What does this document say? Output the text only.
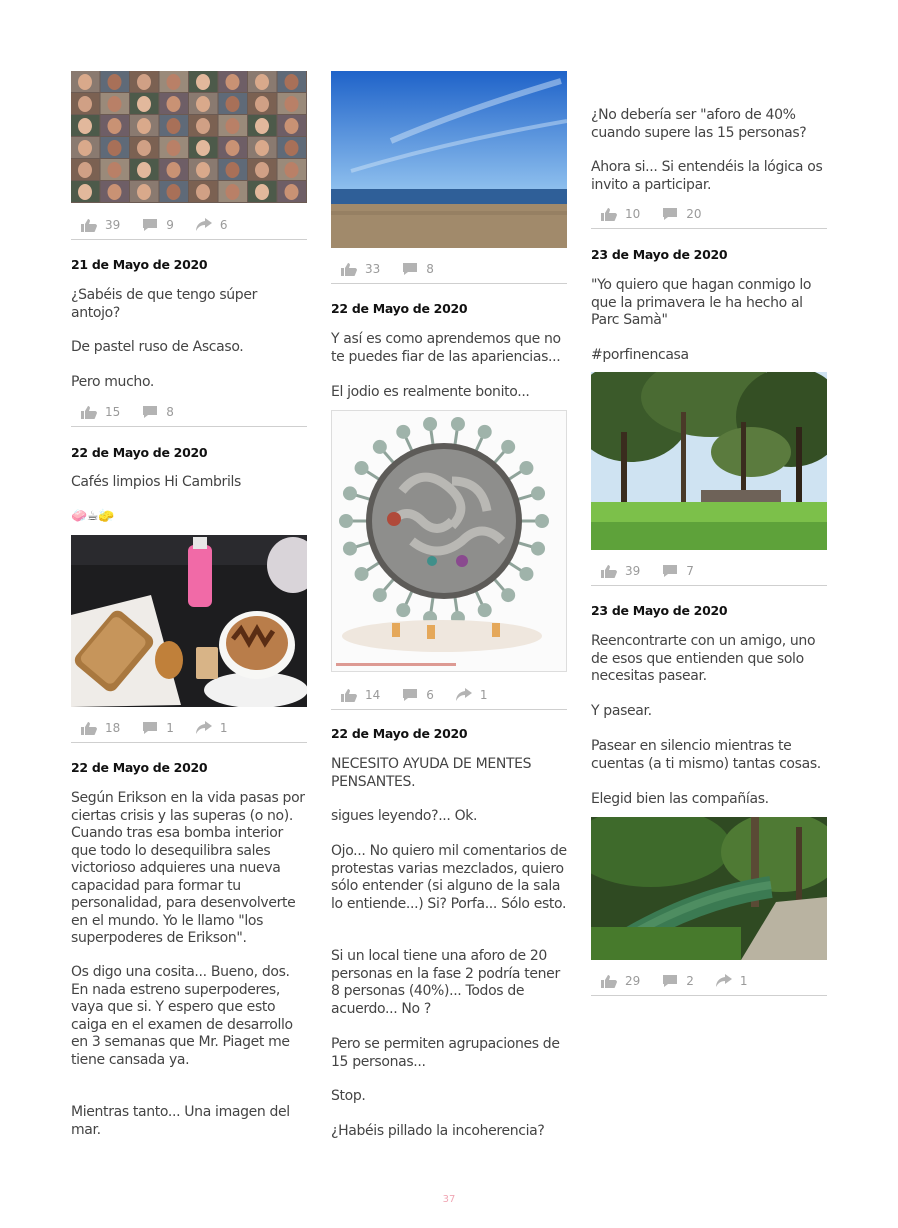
39	9	6
21 de Mayo de 2020

¿Sabéis de que tengo súper antojo?

De pastel ruso de Ascaso.

Pero mucho.

15	8
22 de Mayo de 2020

Cafés limpios Hi Cambrils

🧼☕🧽

18	1	1
22 de Mayo de 2020

Según Erikson en la vida pasas por ciertas crisis y las superas (o no). Cuando tras esa bomba interior que todo lo desequilibra sales victorioso adquieres una nueva capacidad para formar tu personalidad, para desenvolverte en el mundo. Yo le llamo "los superpoderes de Erikson".

Os digo una cosita... Bueno, dos. En nada estreno superpoderes, vaya que si. Y espero que esto caiga en el examen de desarrollo en 3 semanas que Mr. Piaget me tiene cansada ya.

Mientras tanto... Una imagen del mar.

33	8
22 de Mayo de 2020

Y así es como aprendemos que no te puedes fiar de las apariencias...

El jodio es realmente bonito...

14	6	1
22 de Mayo de 2020

NECESITO AYUDA DE MENTES PENSANTES.

sigues leyendo?... Ok.

Ojo... No quiero mil comentarios de protestas varias mezclados, quiero sólo entender (si alguno de la sala lo entiende...) Si? Porfa... Sólo esto.

Si un local tiene una aforo de 20 personas en la fase 2 podría tener 8 personas (40%)... Todos de acuerdo... No ?

Pero se permiten agrupaciones de 15 personas...

Stop.

¿Habéis pillado la incoherencia?

¿No debería ser "aforo de 40% cuando supere las 15 personas?

Ahora si... Si entendéis la lógica os invito a participar.

10	20
23 de Mayo de 2020

"Yo quiero que hagan conmigo lo que la primavera le ha hecho al Parc Samà"

#porfinencasa

39	7
23 de Mayo de 2020

Reencontrarte con un amigo, uno de esos que entienden que solo necesitas pasear.

Y pasear.

Pasear en silencio mientras te cuentas (a ti mismo) tantas cosas.

Elegid bien las compañías.

29	2	1
37
